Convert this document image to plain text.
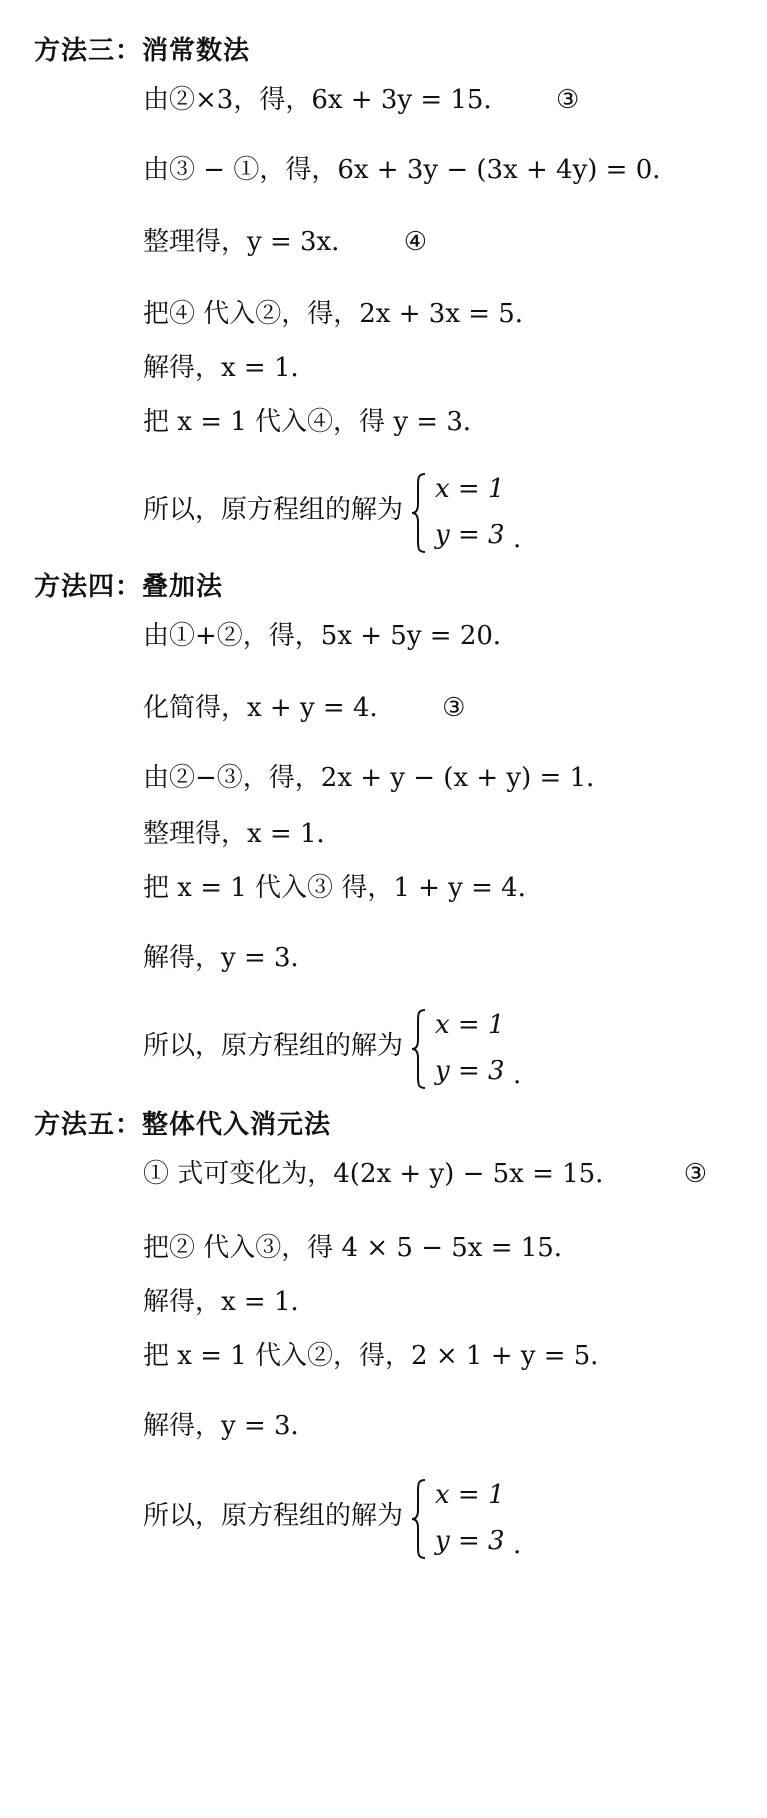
方法三：消常数法
由②×3，得，6x + 3y = 15． ③
由③ − ①，得，6x + 3y − (3x + 4y) = 0．
整理得，y = 3x． ④
把④ 代入②，得，2x + 3x = 5．
解得，x = 1．
把 x = 1 代入④，得 y = 3．
所以，原方程组的解为
x = 1
y = 3 .
方法四：叠加法
由①+②，得，5x + 5y = 20．
化简得，x + y = 4． ③
由②−③，得，2x + y − (x + y) = 1．
整理得，x = 1．
把 x = 1 代入③ 得，1 + y = 4．
解得，y = 3．
所以，原方程组的解为
x = 1
y = 3 .
方法五：整体代入消元法
① 式可变化为，4(2x + y) − 5x = 15． ③
把② 代入③，得 4 × 5 − 5x = 15．
解得，x = 1．
把 x = 1 代入②，得，2 × 1 + y = 5．
解得，y = 3．
所以，原方程组的解为
x = 1
y = 3 .
